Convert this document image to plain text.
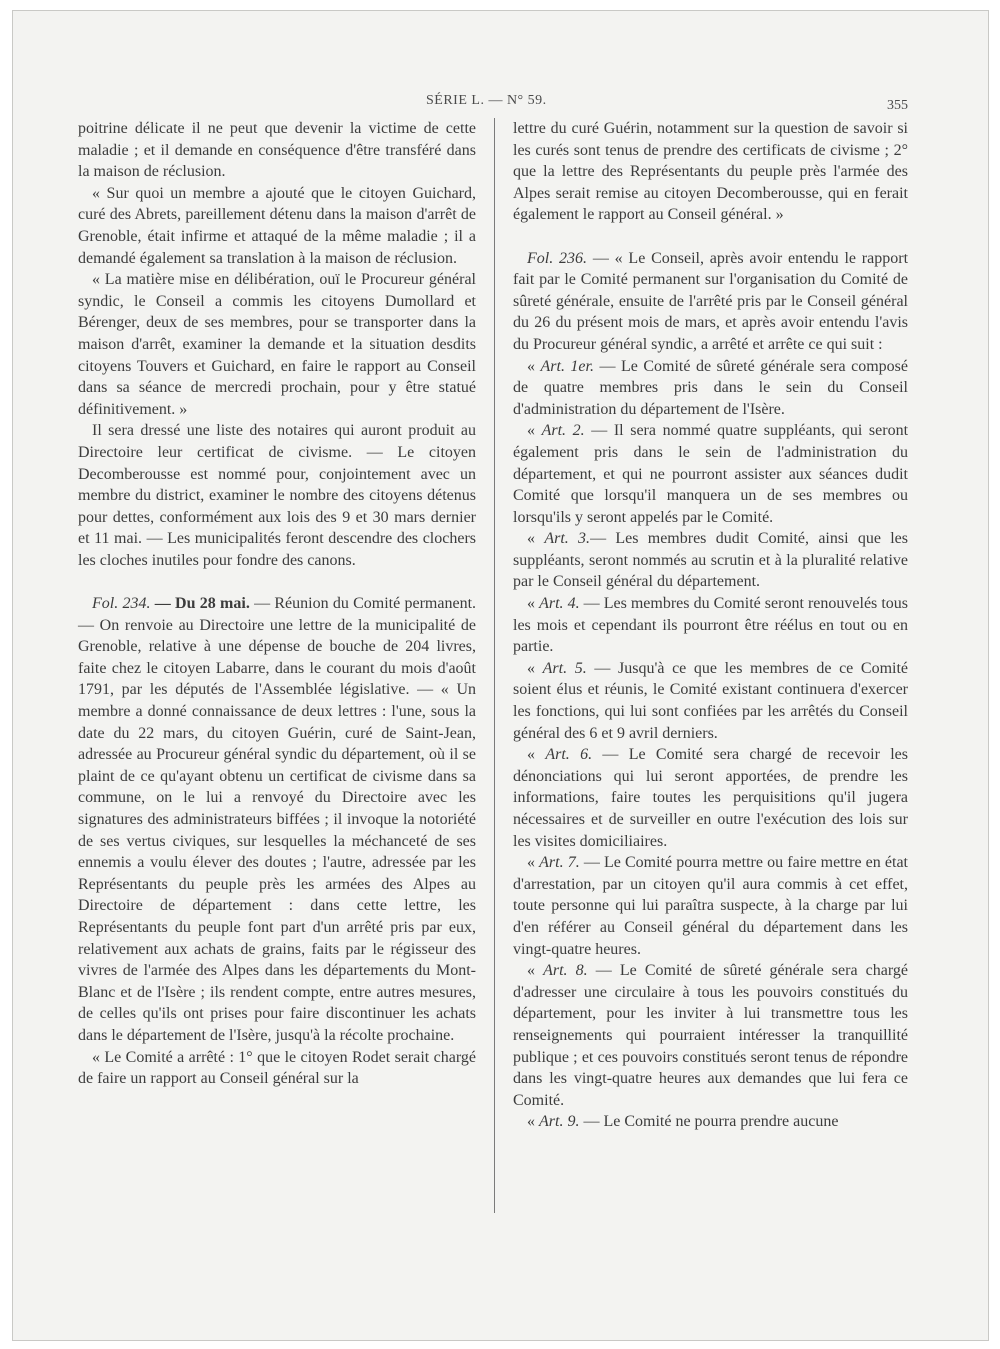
SÉRIE L. — N° 59.	355

poitrine délicate il ne peut que devenir la victime de cette maladie ; et il demande en conséquence d'être transféré dans la maison de réclusion.

« Sur quoi un membre a ajouté que le citoyen Guichard, curé des Abrets, pareillement détenu dans la maison d'arrêt de Grenoble, était infirme et attaqué de la même maladie ; il a demandé également sa translation à la maison de réclusion.

« La matière mise en délibération, ouï le Procureur général syndic, le Conseil a commis les citoyens Dumollard et Bérenger, deux de ses membres, pour se transporter dans la maison d'arrêt, examiner la demande et la situation desdits citoyens Touvers et Guichard, en faire le rapport au Conseil dans sa séance de mercredi prochain, pour y être statué définitivement. »

Il sera dressé une liste des notaires qui auront produit au Directoire leur certificat de civisme. — Le citoyen Decomberousse est nommé pour, conjointement avec un membre du district, examiner le nombre des citoyens détenus pour dettes, conformément aux lois des 9 et 30 mars dernier et 11 mai. — Les municipalités feront descendre des clochers les cloches inutiles pour fondre des canons.

Fol. 234. — Du 28 mai. — Réunion du Comité permanent. — On renvoie au Directoire une lettre de la municipalité de Grenoble, relative à une dépense de bouche de 204 livres, faite chez le citoyen Labarre, dans le courant du mois d'août 1791, par les députés de l'Assemblée législative. — « Un membre a donné connaissance de deux lettres : l'une, sous la date du 22 mars, du citoyen Guérin, curé de Saint-Jean, adressée au Procureur général syndic du département, où il se plaint de ce qu'ayant obtenu un certificat de civisme dans sa commune, on le lui a renvoyé du Directoire avec les signatures des administrateurs biffées ; il invoque la notoriété de ses vertus civiques, sur lesquelles la méchanceté de ses ennemis a voulu élever des doutes ; l'autre, adressée par les Représentants du peuple près les armées des Alpes au Directoire de département : dans cette lettre, les Représentants du peuple font part d'un arrêté pris par eux, relativement aux achats de grains, faits par le régisseur des vivres de l'armée des Alpes dans les départements du Mont-Blanc et de l'Isère ; ils rendent compte, entre autres mesures, de celles qu'ils ont prises pour faire discontinuer les achats dans le département de l'Isère, jusqu'à la récolte prochaine.

« Le Comité a arrêté : 1° que le citoyen Rodet serait chargé de faire un rapport au Conseil général sur la

lettre du curé Guérin, notamment sur la question de savoir si les curés sont tenus de prendre des certificats de civisme ; 2° que la lettre des Représentants du peuple près l'armée des Alpes serait remise au citoyen Decomberousse, qui en ferait également le rapport au Conseil général. »

Fol. 236. — « Le Conseil, après avoir entendu le rapport fait par le Comité permanent sur l'organisation du Comité de sûreté générale, ensuite de l'arrêté pris par le Conseil général du 26 du présent mois de mars, et après avoir entendu l'avis du Procureur général syndic, a arrêté et arrête ce qui suit :

« Art. 1er. — Le Comité de sûreté générale sera composé de quatre membres pris dans le sein du Conseil d'administration du département de l'Isère.

« Art. 2. — Il sera nommé quatre suppléants, qui seront également pris dans le sein de l'administration du département, et qui ne pourront assister aux séances dudit Comité que lorsqu'il manquera un de ses membres ou lorsqu'ils y seront appelés par le Comité.

« Art. 3.— Les membres dudit Comité, ainsi que les suppléants, seront nommés au scrutin et à la pluralité relative par le Conseil général du département.

« Art. 4. — Les membres du Comité seront renouvelés tous les mois et cependant ils pourront être réélus en tout ou en partie.

« Art. 5. — Jusqu'à ce que les membres de ce Comité soient élus et réunis, le Comité existant continuera d'exercer les fonctions, qui lui sont confiées par les arrêtés du Conseil général des 6 et 9 avril derniers.

« Art. 6. — Le Comité sera chargé de recevoir les dénonciations qui lui seront apportées, de prendre les informations, faire toutes les perquisitions qu'il jugera nécessaires et de surveiller en outre l'exécution des lois sur les visites domiciliaires.

« Art. 7. — Le Comité pourra mettre ou faire mettre en état d'arrestation, par un citoyen qu'il aura commis à cet effet, toute personne qui lui paraîtra suspecte, à la charge par lui d'en référer au Conseil général du département dans les vingt-quatre heures.

« Art. 8. — Le Comité de sûreté générale sera chargé d'adresser une circulaire à tous les pouvoirs constitués du département, pour les inviter à lui transmettre tous les renseignements qui pourraient intéresser la tranquillité publique ; et ces pouvoirs constitués seront tenus de répondre dans les vingt-quatre heures aux demandes que lui fera ce Comité.

« Art. 9. — Le Comité ne pourra prendre aucune
